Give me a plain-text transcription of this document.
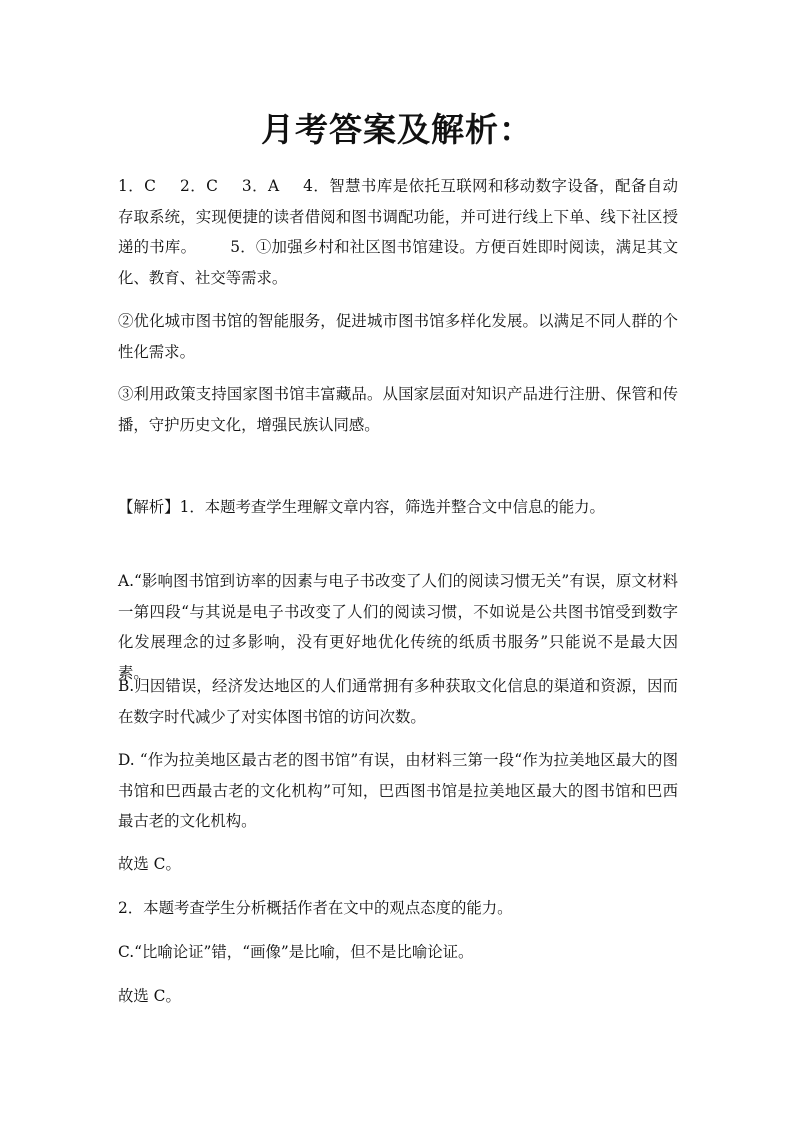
月考答案及解析：
1．C 2．C 3．A 4．智慧书库是依托互联网和移动数字设备，配备自动存取系统，实现便捷的读者借阅和图书调配功能，并可进行线上下单、线下社区授递的书库。 5．①加强乡村和社区图书馆建设。方便百姓即时阅读，满足其文化、教育、社交等需求。
②优化城市图书馆的智能服务，促进城市图书馆多样化发展。以满足不同人群的个性化需求。
③利用政策支持国家图书馆丰富藏品。从国家层面对知识产品进行注册、保管和传播，守护历史文化，增强民族认同感。
【解析】1．本题考查学生理解文章内容，筛选并整合文中信息的能力。
A.“影响图书馆到访率的因素与电子书改变了人们的阅读习惯无关”有误，原文材料一第四段“与其说是电子书改变了人们的阅读习惯，不如说是公共图书馆受到数字化发展理念的过多影响，没有更好地优化传统的纸质书服务”只能说不是最大因素。
B.归因错误，经济发达地区的人们通常拥有多种获取文化信息的渠道和资源，因而在数字时代减少了对实体图书馆的访问次数。
D. “作为拉美地区最古老的图书馆”有误，由材料三第一段“作为拉美地区最大的图书馆和巴西最古老的文化机构”可知，巴西图书馆是拉美地区最大的图书馆和巴西最古老的文化机构。
故选 C。
2．本题考查学生分析概括作者在文中的观点态度的能力。
C.“比喻论证”错，“画像”是比喻，但不是比喻论证。
故选 C。
